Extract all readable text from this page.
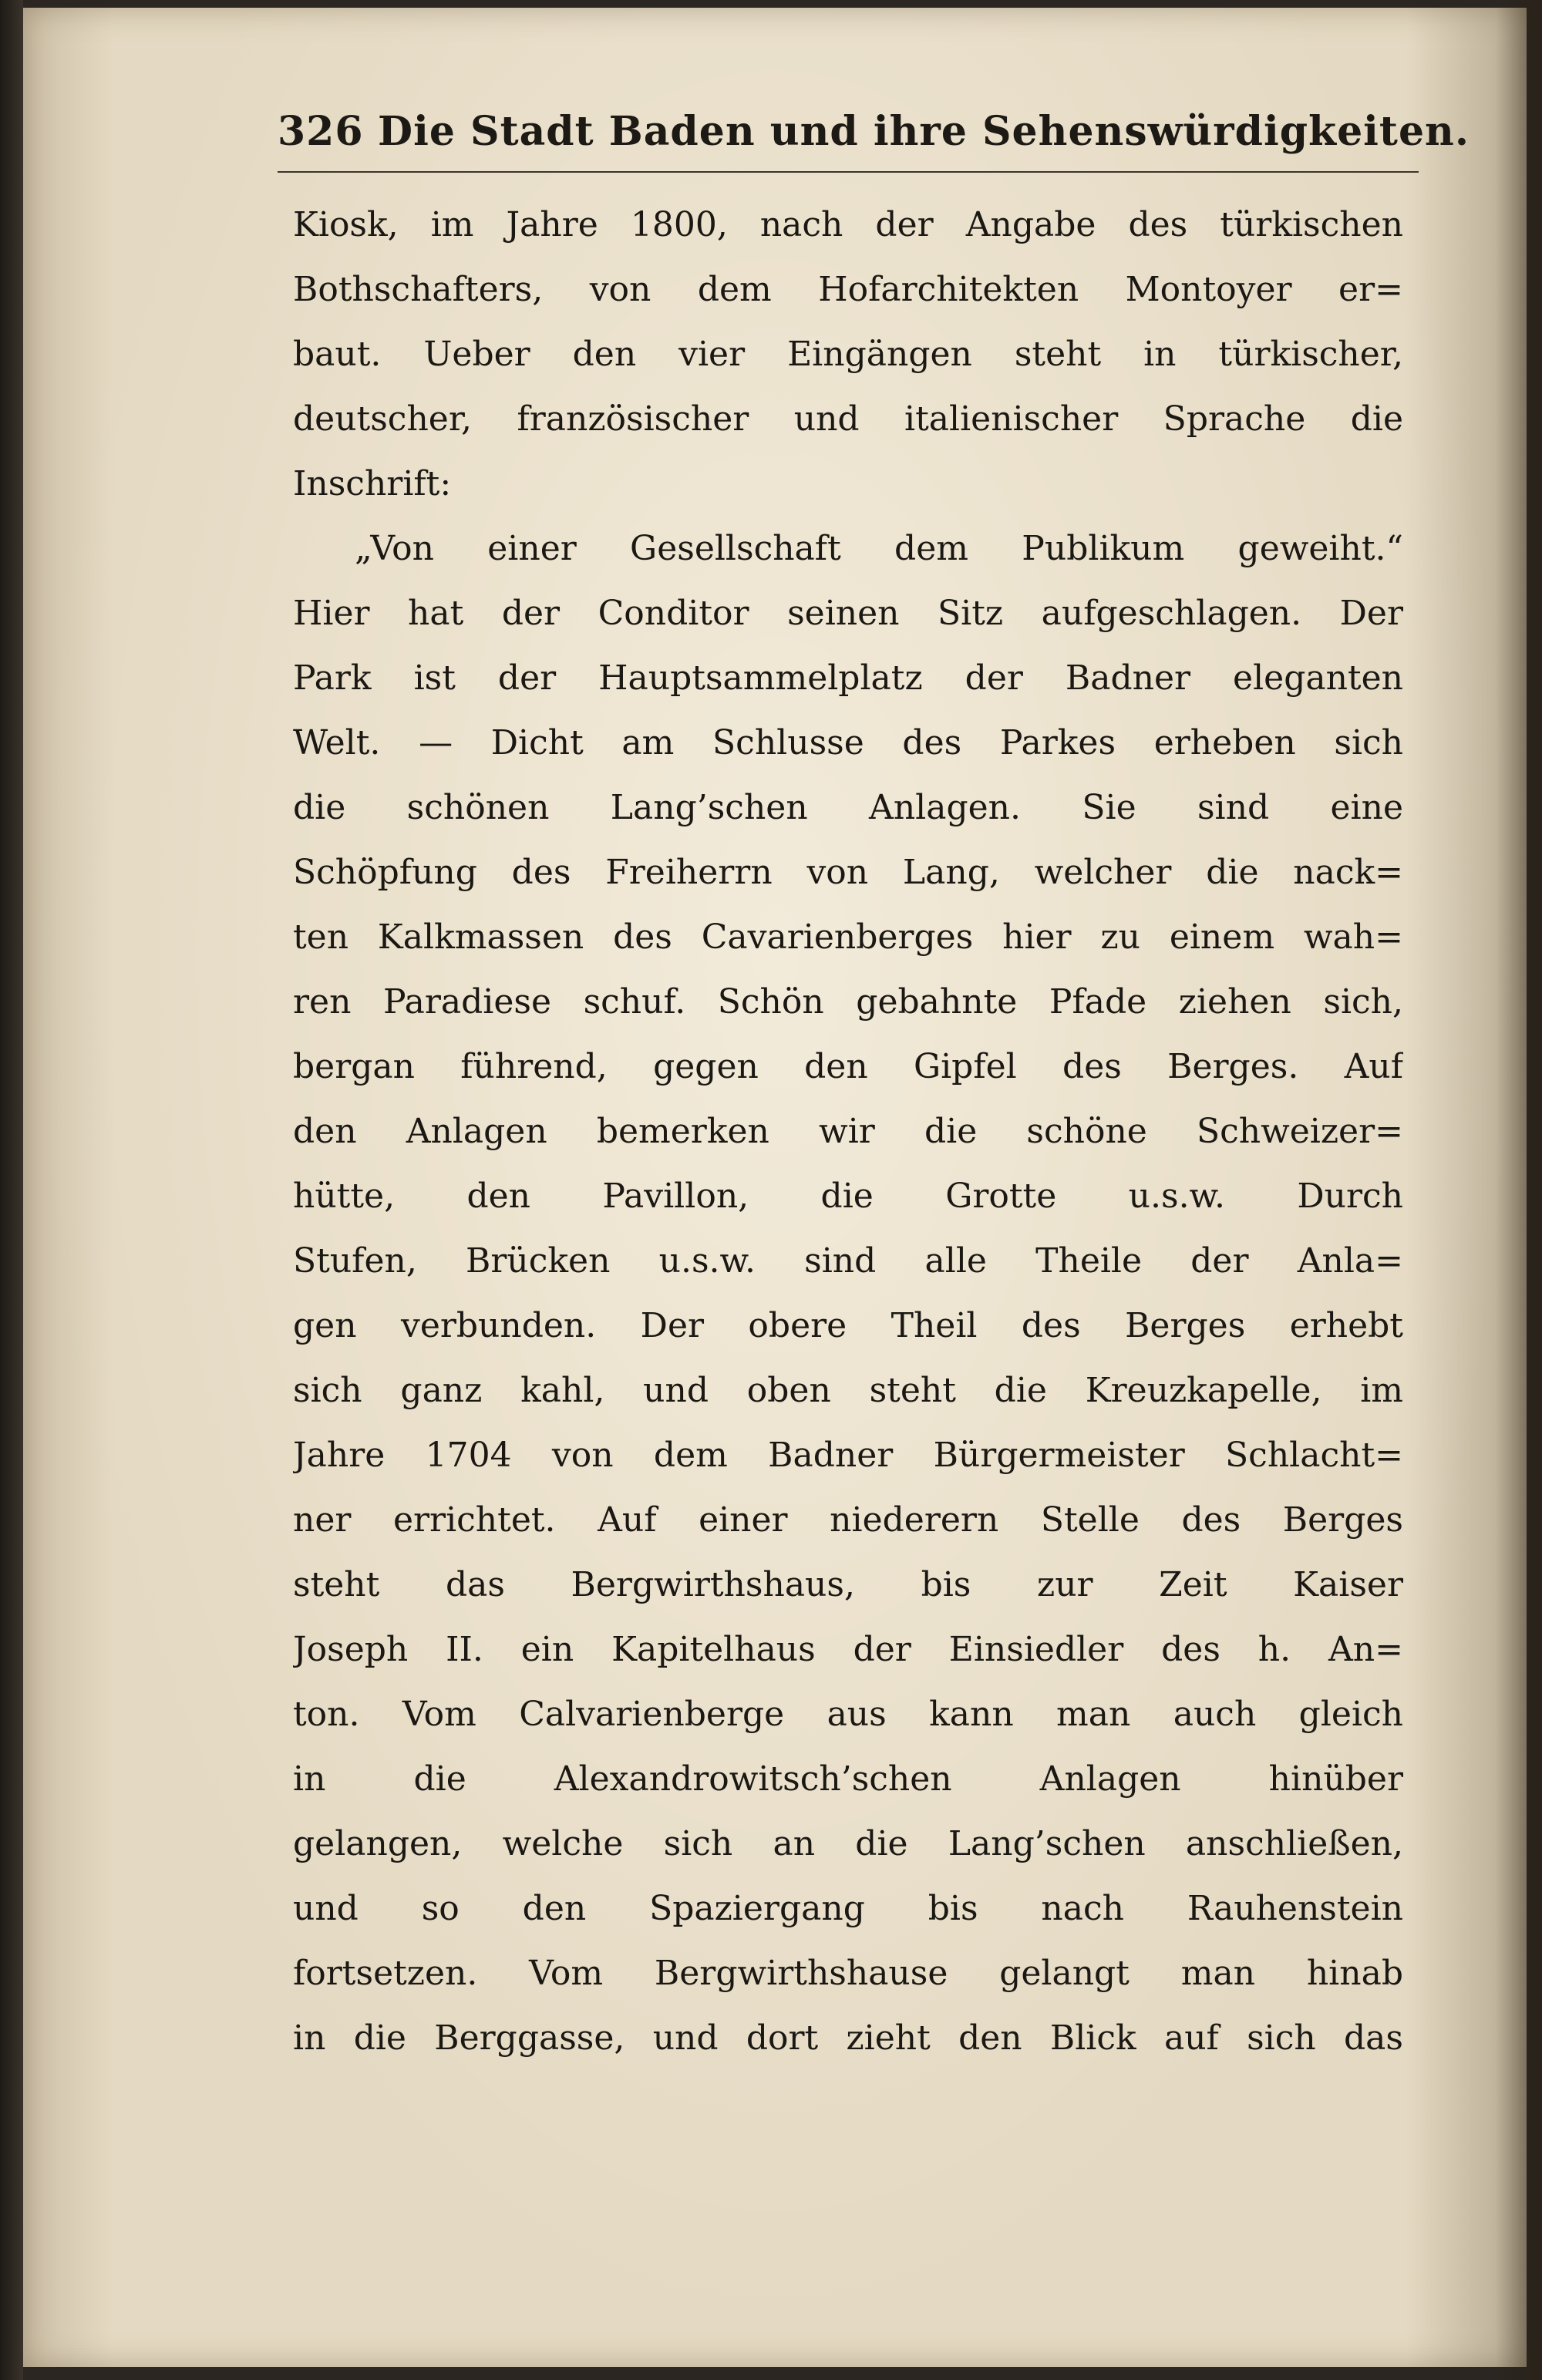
326 Die Stadt Baden und ihre Sehenswürdigkeiten.
Kiosk, im Jahre 1800, nach der Angabe des türkischen
Bothschafters, von dem Hofarchitekten Montoyer er=
baut. Ueber den vier Eingängen steht in türkischer,
deutscher, französischer und italienischer Sprache die
Inschrift:
„Von einer Gesellschaft dem Publikum geweiht.“
Hier hat der Conditor seinen Sitz aufgeschlagen. Der
Park ist der Hauptsammelplatz der Badner eleganten
Welt. — Dicht am Schlusse des Parkes erheben sich
die schönen Lang’schen Anlagen. Sie sind eine
Schöpfung des Freiherrn von Lang, welcher die nack=
ten Kalkmassen des Cavarienberges hier zu einem wah=
ren Paradiese schuf. Schön gebahnte Pfade ziehen sich,
bergan führend, gegen den Gipfel des Berges. Auf
den Anlagen bemerken wir die schöne Schweizer=
hütte, den Pavillon, die Grotte u.s.w. Durch
Stufen, Brücken u.s.w. sind alle Theile der Anla=
gen verbunden. Der obere Theil des Berges erhebt
sich ganz kahl, und oben steht die Kreuzkapelle, im
Jahre 1704 von dem Badner Bürgermeister Schlacht=
ner errichtet. Auf einer niederern Stelle des Berges
steht das Bergwirthshaus, bis zur Zeit Kaiser
Joseph II. ein Kapitelhaus der Einsiedler des h. An=
ton. Vom Calvarienberge aus kann man auch gleich
in die Alexandrowitsch’schen Anlagen hinüber
gelangen, welche sich an die Lang’schen anschließen,
und so den Spaziergang bis nach Rauhenstein
fortsetzen. Vom Bergwirthshause gelangt man hinab
in die Berggasse, und dort zieht den Blick auf sich das
